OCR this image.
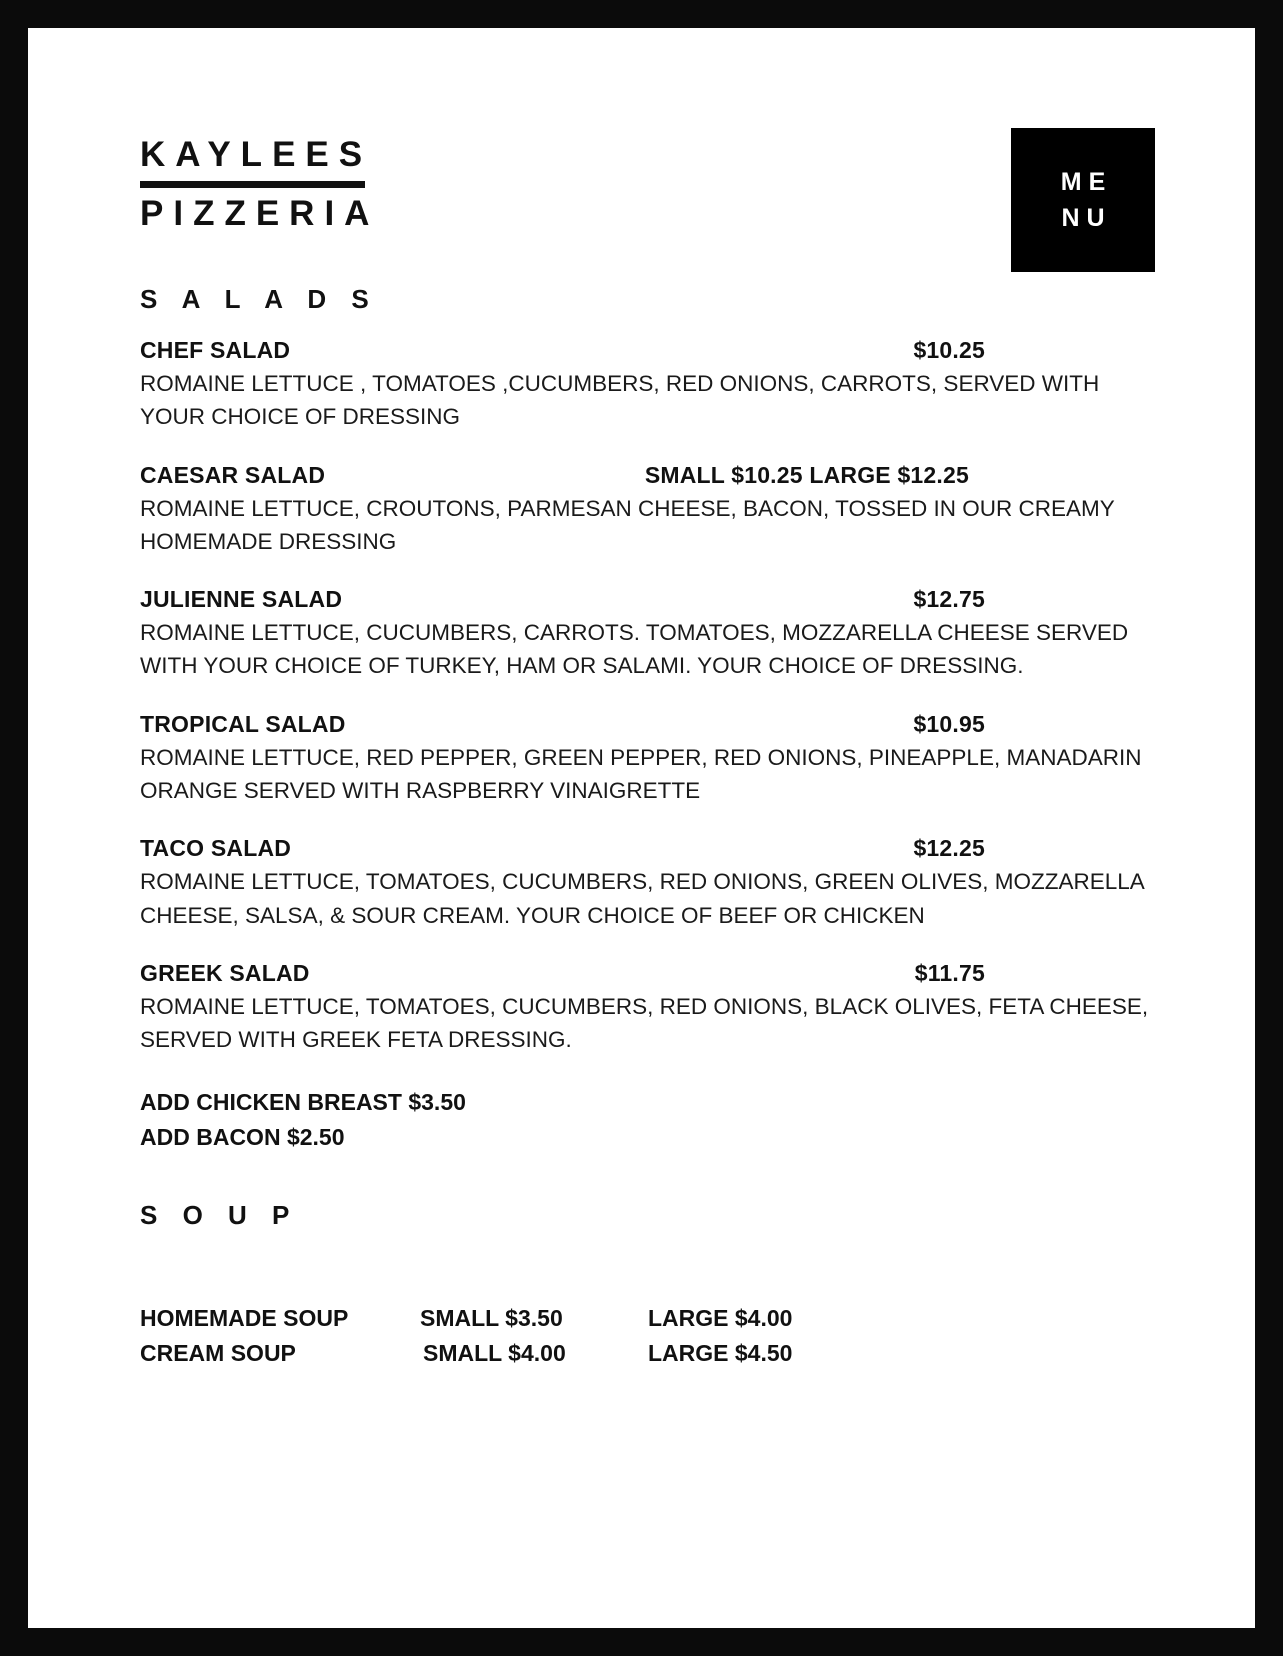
KAYLEES
PIZZERIA
ME
NU
S A L A D S
CHEF SALAD	$10.25
ROMAINE LETTUCE , TOMATOES ,CUCUMBERS, RED ONIONS, CARROTS, SERVED WITH YOUR CHOICE OF DRESSING
CAESAR SALAD	SMALL $10.25 LARGE $12.25
ROMAINE LETTUCE, CROUTONS, PARMESAN CHEESE, BACON, TOSSED IN OUR CREAMY HOMEMADE DRESSING
JULIENNE SALAD	$12.75
ROMAINE LETTUCE, CUCUMBERS, CARROTS. TOMATOES, MOZZARELLA CHEESE SERVED WITH YOUR CHOICE OF TURKEY, HAM OR SALAMI. YOUR CHOICE OF DRESSING.
TROPICAL SALAD	$10.95
ROMAINE LETTUCE, RED PEPPER, GREEN PEPPER, RED ONIONS, PINEAPPLE, MANADARIN ORANGE SERVED WITH RASPBERRY VINAIGRETTE
TACO SALAD	$12.25
ROMAINE LETTUCE, TOMATOES, CUCUMBERS, RED ONIONS, GREEN OLIVES, MOZZARELLA CHEESE, SALSA, & SOUR CREAM. YOUR CHOICE OF BEEF OR CHICKEN
GREEK SALAD	$11.75
ROMAINE LETTUCE, TOMATOES, CUCUMBERS, RED ONIONS, BLACK OLIVES, FETA CHEESE, SERVED WITH GREEK FETA DRESSING.
ADD CHICKEN BREAST $3.50
ADD BACON $2.50
S O U P
HOMEMADE SOUP	SMALL $3.50	LARGE $4.00
CREAM SOUP	SMALL $4.00	LARGE $4.50
